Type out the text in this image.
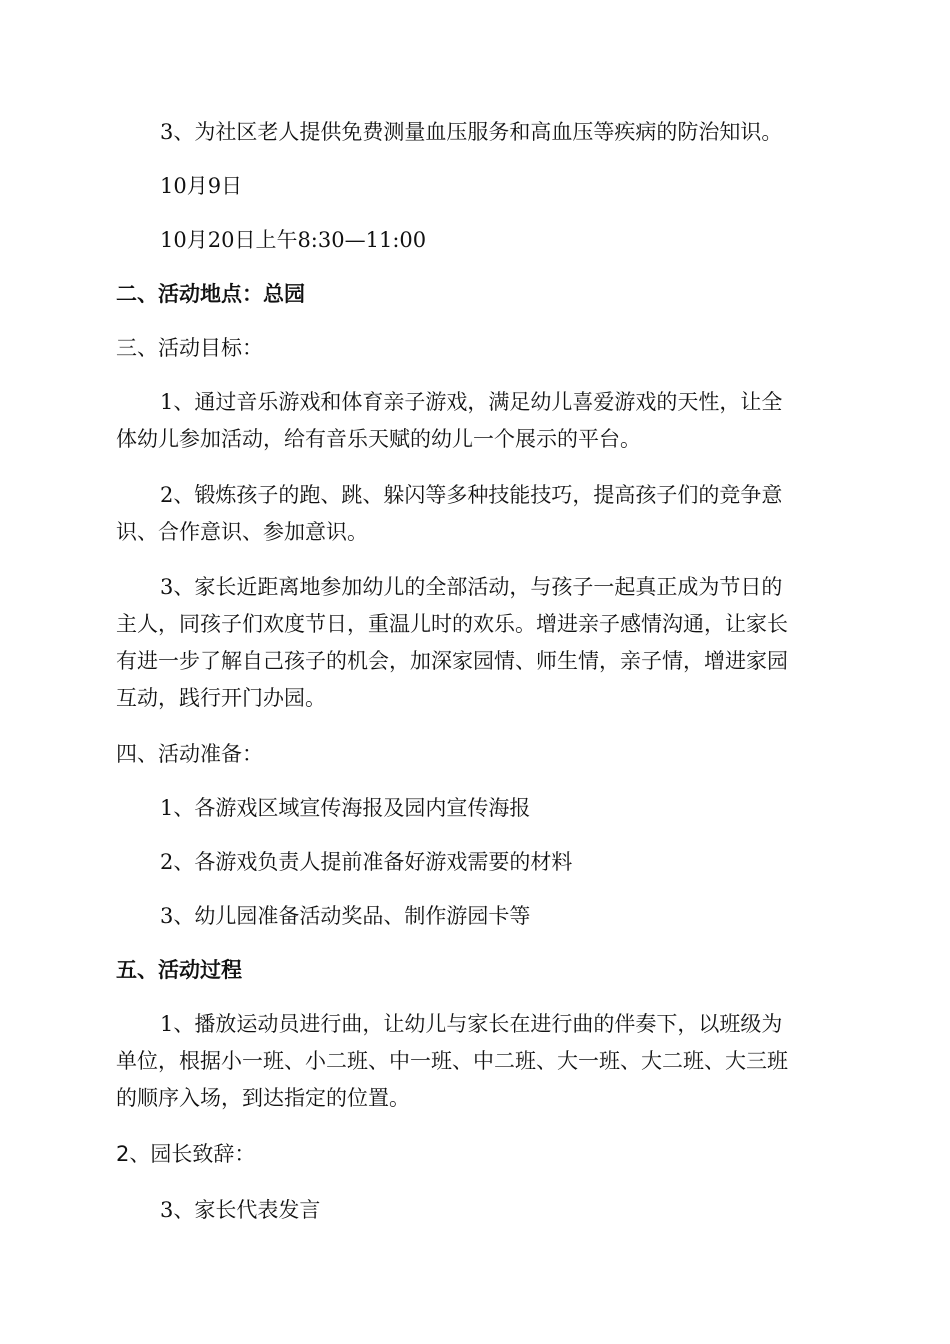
3、为社区老人提供免费测量血压服务和高血压等疾病的防治知识。
10月9日
10月20日上午8:30—11:00
二、活动地点：总园
三、活动目标：
1、通过音乐游戏和体育亲子游戏，满足幼儿喜爱游戏的天性，让全
体幼儿参加活动，给有音乐天赋的幼儿一个展示的平台。
2、锻炼孩子的跑、跳、躲闪等多种技能技巧，提高孩子们的竞争意
识、合作意识、参加意识。
3、家长近距离地参加幼儿的全部活动，与孩子一起真正成为节日的
主人，同孩子们欢度节日，重温儿时的欢乐。增进亲子感情沟通，让家长
有进一步了解自己孩子的机会，加深家园情、师生情，亲子情，增进家园
互动，践行开门办园。
四、活动准备：
1、各游戏区域宣传海报及园内宣传海报
2、各游戏负责人提前准备好游戏需要的材料
3、幼儿园准备活动奖品、制作游园卡等
五、活动过程
1、播放运动员进行曲，让幼儿与家长在进行曲的伴奏下，以班级为
单位，根据小一班、小二班、中一班、中二班、大一班、大二班、大三班
的顺序入场，到达指定的位置。
2、园长致辞：
3、家长代表发言
